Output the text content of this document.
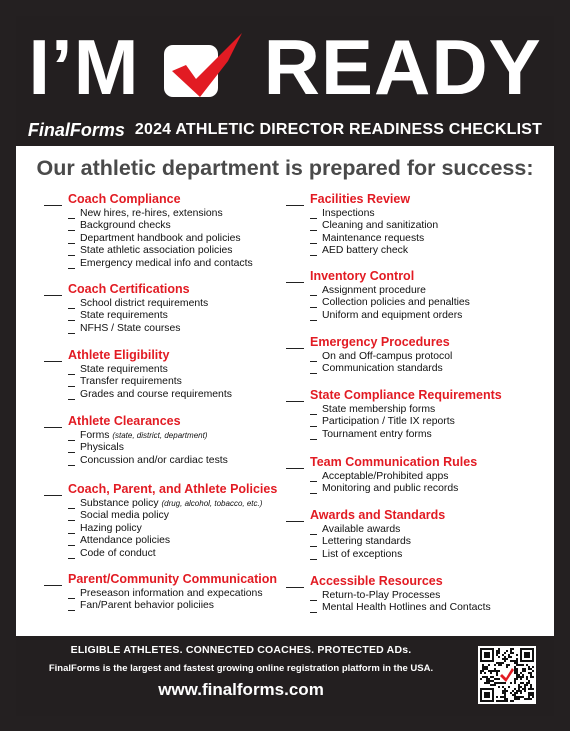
I’M READY
FinalForms 2024 ATHLETIC DIRECTOR READINESS CHECKLIST
Our athletic department is prepared for success:
Coach Compliance
New hires, re-hires, extensions
Background checks
Department handbook and policies
State athletic association policies
Emergency medical info and contacts
Coach Certifications
School district requirements
State requirements
NFHS / State courses
Athlete Eligibility
State requirements
Transfer requirements
Grades and course requirements
Athlete Clearances
Forms (state, district, department)
Physicals
Concussion and/or cardiac tests
Coach, Parent, and Athlete Policies
Substance policy (drug, alcohol, tobacco, etc.)
Social media policy
Hazing policy
Attendance policies
Code of conduct
Parent/Community Communication
Preseason information and expecations
Fan/Parent behavior policiies
Facilities Review
Inspections
Cleaning and sanitization
Maintenance requests
AED battery check
Inventory Control
Assignment procedure
Collection policies and penalties
Uniform and equipment orders
Emergency Procedures
On and Off-campus protocol
Communication standards
State Compliance Requirements
State membership forms
Participation / Title IX reports
Tournament entry forms
Team Communication Rules
Acceptable/Prohibited apps
Monitoring and public records
Awards and Standards
Available awards
Lettering standards
List of exceptions
Accessible Resources
Return-to-Play Processes
Mental Health Hotlines and Contacts
ELIGIBLE ATHLETES. CONNECTED COACHES. PROTECTED ADs.
FinalForms is the largest and fastest growing online registration platform in the USA.
www.finalforms.com
